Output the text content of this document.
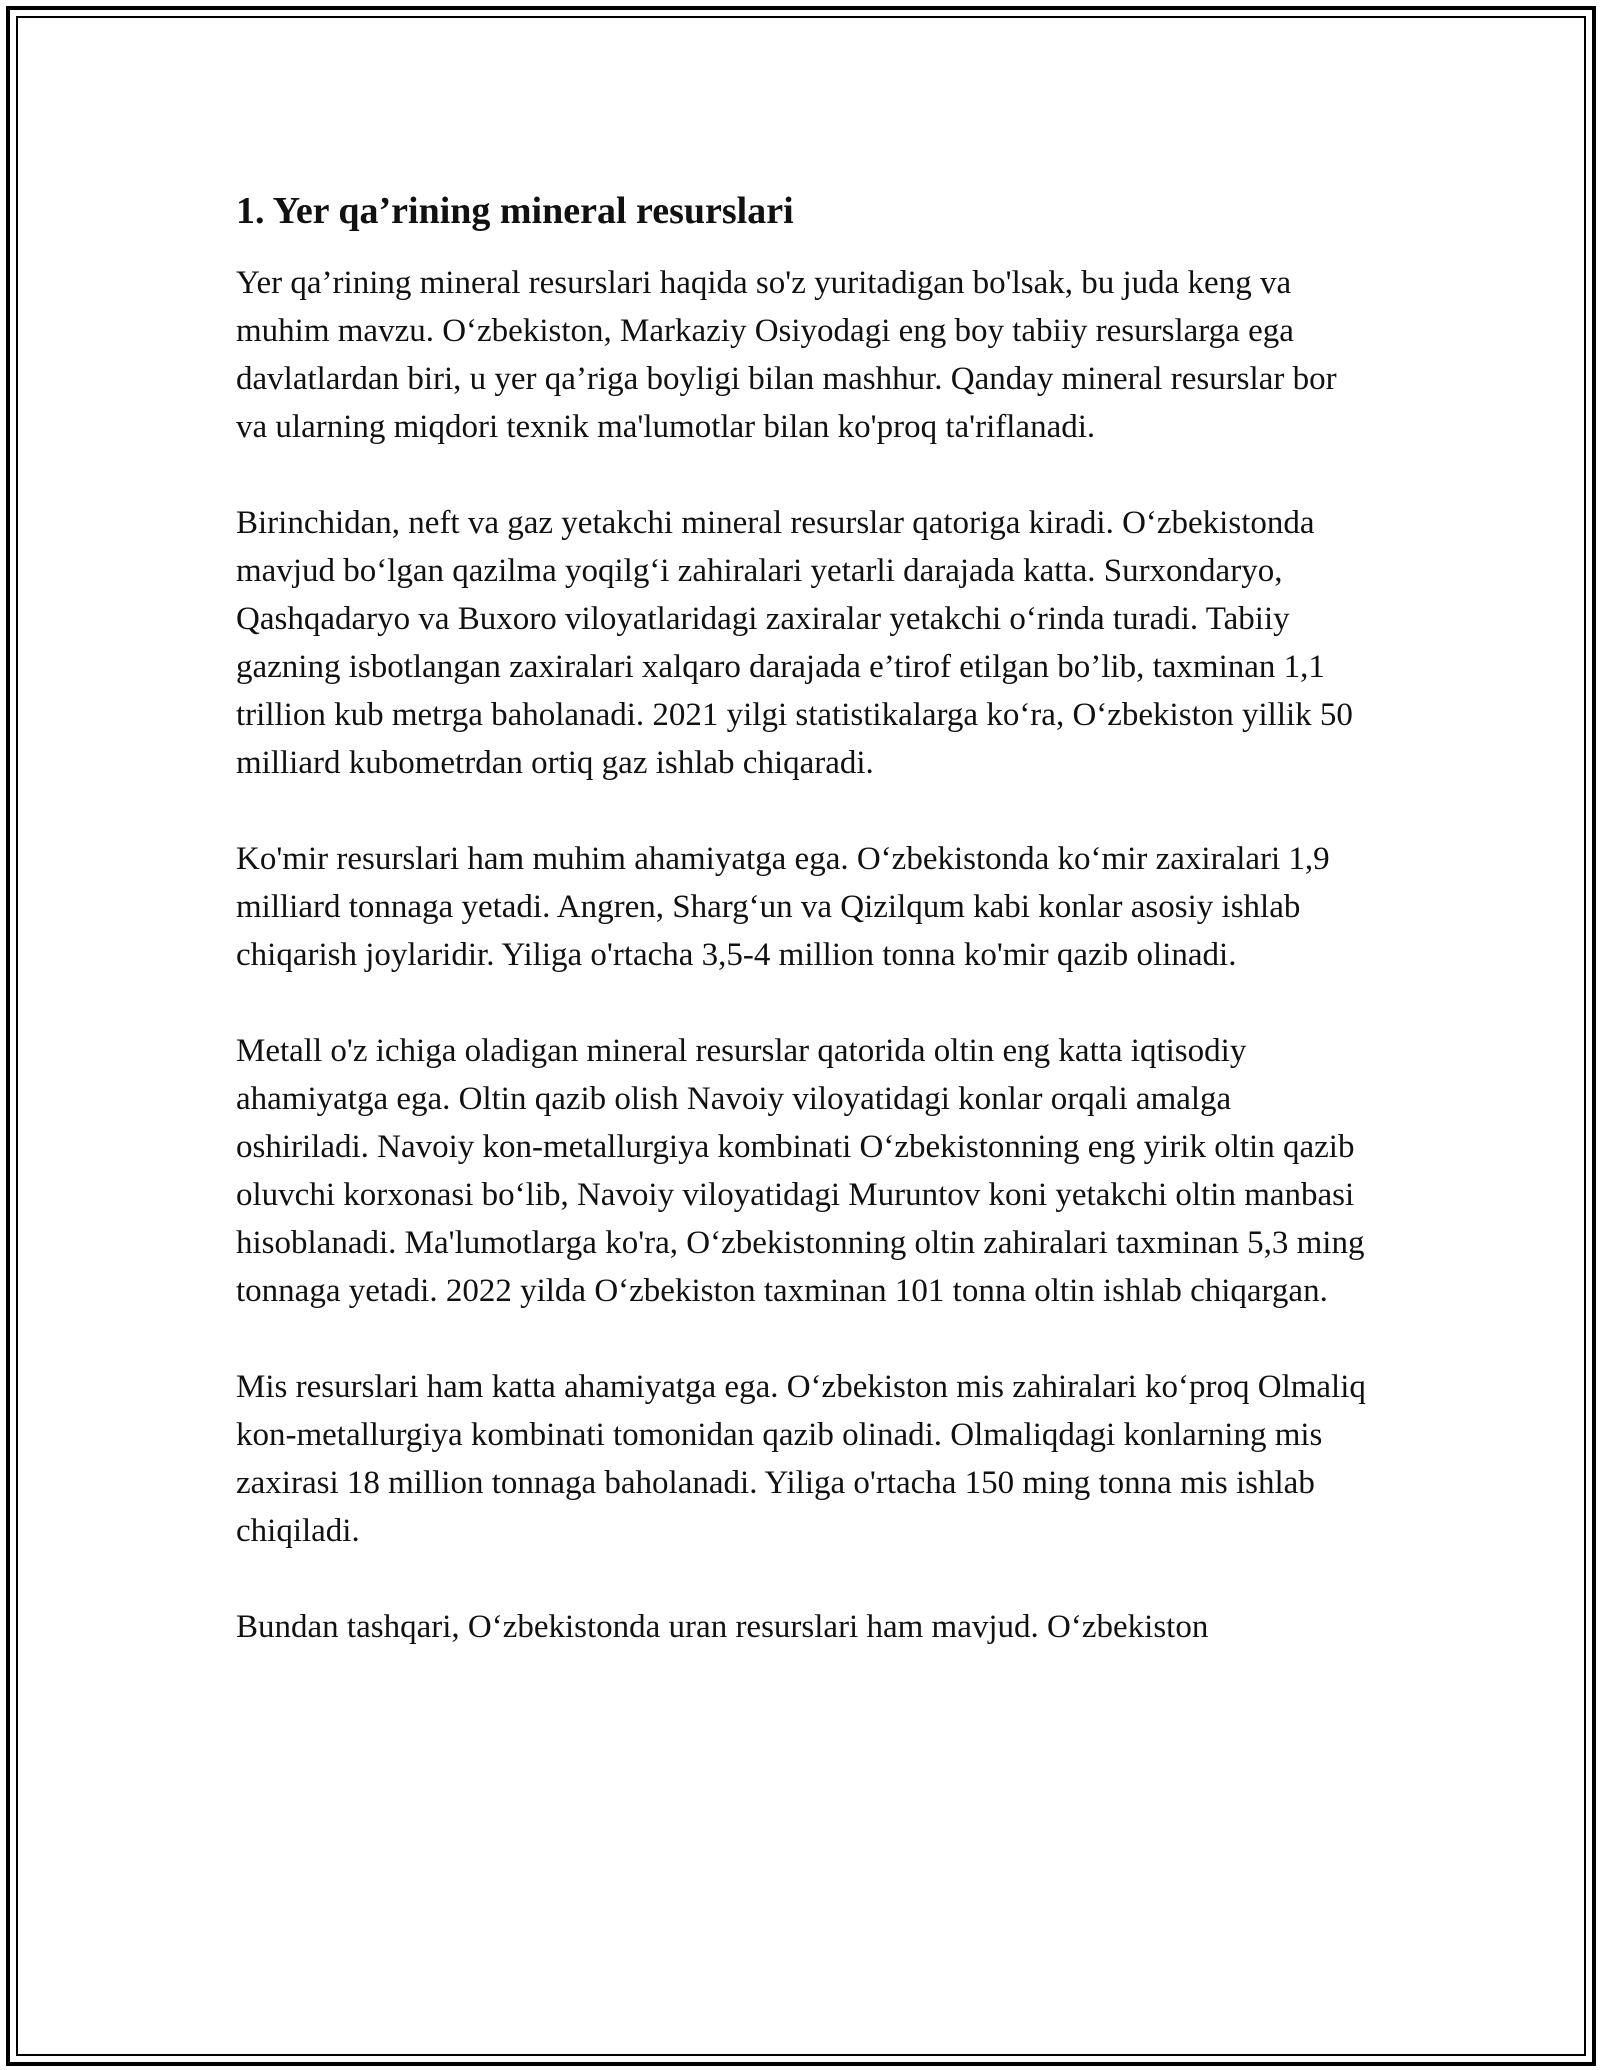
1. Yer qa’rining mineral resurslari

Yer qa’rining mineral resurslari haqida so'z yuritadigan bo'lsak, bu juda keng va muhim mavzu. O‘zbekiston, Markaziy Osiyodagi eng boy tabiiy resurslarga ega davlatlardan biri, u yer qa’riga boyligi bilan mashhur. Qanday mineral resurslar bor va ularning miqdori texnik ma'lumotlar bilan ko'proq ta'riflanadi.

Birinchidan, neft va gaz yetakchi mineral resurslar qatoriga kiradi. O‘zbekistonda mavjud bo‘lgan qazilma yoqilg‘i zahiralari yetarli darajada katta. Surxondaryo, Qashqadaryo va Buxoro viloyatlaridagi zaxiralar yetakchi o‘rinda turadi. Tabiiy gazning isbotlangan zaxiralari xalqaro darajada e’tirof etilgan bo’lib, taxminan 1,1 trillion kub metrga baholanadi. 2021 yilgi statistikalarga ko‘ra, O‘zbekiston yillik 50 milliard kubometrdan ortiq gaz ishlab chiqaradi.

Ko'mir resurslari ham muhim ahamiyatga ega. O‘zbekistonda ko‘mir zaxiralari 1,9 milliard tonnaga yetadi. Angren, Sharg‘un va Qizilqum kabi konlar asosiy ishlab chiqarish joylaridir. Yiliga o'rtacha 3,5-4 million tonna ko'mir qazib olinadi.

Metall o'z ichiga oladigan mineral resurslar qatorida oltin eng katta iqtisodiy ahamiyatga ega. Oltin qazib olish Navoiy viloyatidagi konlar orqali amalga oshiriladi. Navoiy kon-metallurgiya kombinati O‘zbekistonning eng yirik oltin qazib oluvchi korxonasi bo‘lib, Navoiy viloyatidagi Muruntov koni yetakchi oltin manbasi hisoblanadi. Ma'lumotlarga ko'ra, O‘zbekistonning oltin zahiralari taxminan 5,3 ming tonnaga yetadi. 2022 yilda O‘zbekiston taxminan 101 tonna oltin ishlab chiqargan.

Mis resurslari ham katta ahamiyatga ega. O‘zbekiston mis zahiralari ko‘proq Olmaliq kon-metallurgiya kombinati tomonidan qazib olinadi. Olmaliqdagi konlarning mis zaxirasi 18 million tonnaga baholanadi. Yiliga o'rtacha 150 ming tonna mis ishlab chiqiladi.

Bundan tashqari, O‘zbekistonda uran resurslari ham mavjud. O‘zbekiston
